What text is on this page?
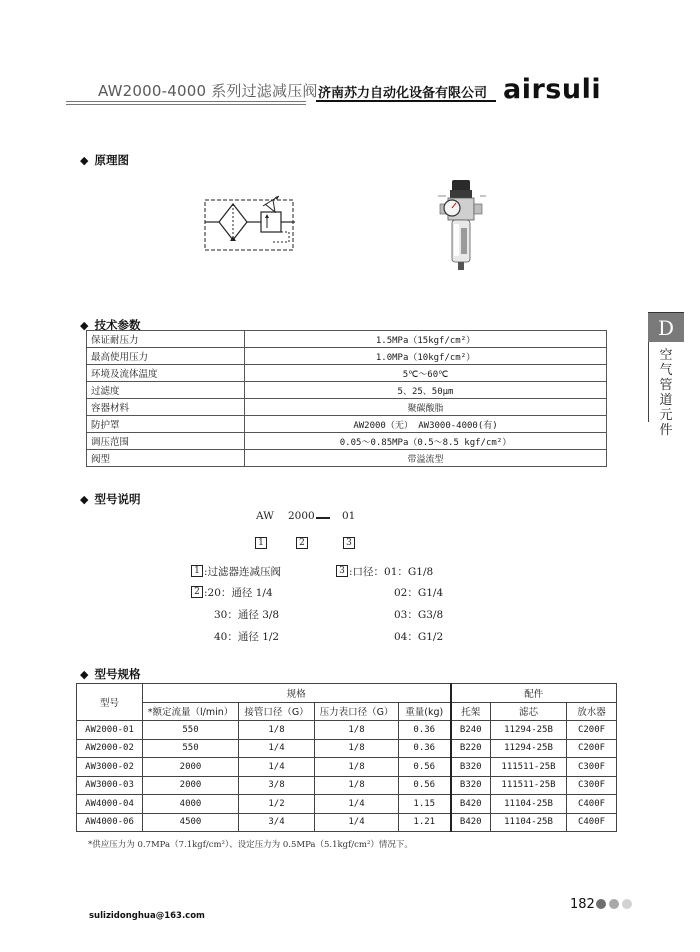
AW2000-4000 系列过滤减压阀 济南苏力自动化设备有限公司 airsuli
◆ 原理图
◆ 技术参数
保证耐压力	1.5MPa（15kgf/cm²）
最高使用压力	1.0MPa（10kgf/cm²）
环境及流体温度	5℃～60℃
过滤度	5、25、50μm
容器材料	聚碳酸脂
防护罩	AW2000（无） AW3000-4000(有)
调压范围	0.05～0.85MPa（0.5～8.5 kgf/cm²）
阀型	带溢流型
D
空气管道元件
◆ 型号说明
AW 2000	01
1	2	3
1 :过滤器连减压阀	3 :口径：01：G1/8
2 :20：通径 1/4	02：G1/4
30：通径 3/8	03：G3/8
40：通径 1/2	04：G1/2
◆ 型号规格
型号	规格				配件		
	*额定流量（l/min）	接管口径（G）	压力表口径（G）	重量(kg)	托架	滤芯	放水器
AW2000-01	550	1/8	1/8	0.36	B240	11294-25B	C200F
AW2000-02	550	1/4	1/8	0.36	B220	11294-25B	C200F
AW3000-02	2000	1/4	1/8	0.56	B320	111511-25B	C300F
AW3000-03	2000	3/8	1/8	0.56	B320	111511-25B	C300F
AW4000-04	4000	1/2	1/4	1.15	B420	11104-25B	C400F
AW4000-06	4500	3/4	1/4	1.21	B420	11104-25B	C400F
*供应压力为 0.7MPa（7.1kgf/cm²）、设定压力为 0.5MPa（5.1kgf/cm²）情况下。
sulizidonghua@163.com
182
